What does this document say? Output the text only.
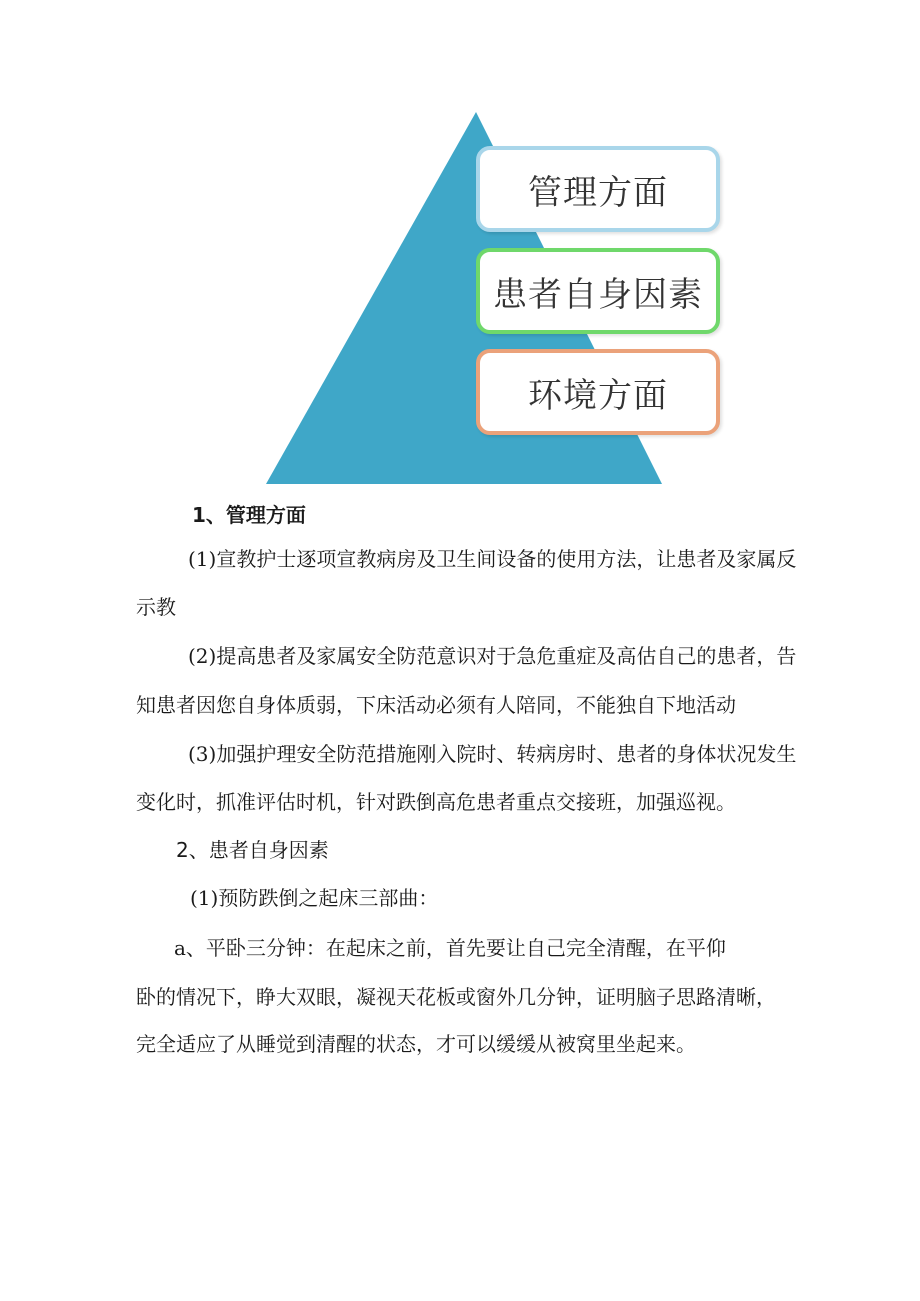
管理方面
患者自身因素
环境方面
1、管理方面
(1)宣教护士逐项宣教病房及卫生间设备的使用方法，让患者及家属反
示教
(2)提高患者及家属安全防范意识对于急危重症及高估自己的患者，告
知患者因您自身体质弱，下床活动必须有人陪同，不能独自下地活动
(3)加强护理安全防范措施刚入院时、转病房时、患者的身体状况发生
变化时，抓准评估时机，针对跌倒高危患者重点交接班，加强巡视。
2、患者自身因素
(1)预防跌倒之起床三部曲：
a、平卧三分钟：在起床之前，首先要让自己完全清醒，在平仰
卧的情况下，睁大双眼，凝视天花板或窗外几分钟，证明脑子思路清晰，
完全适应了从睡觉到清醒的状态，才可以缓缓从被窝里坐起来。
